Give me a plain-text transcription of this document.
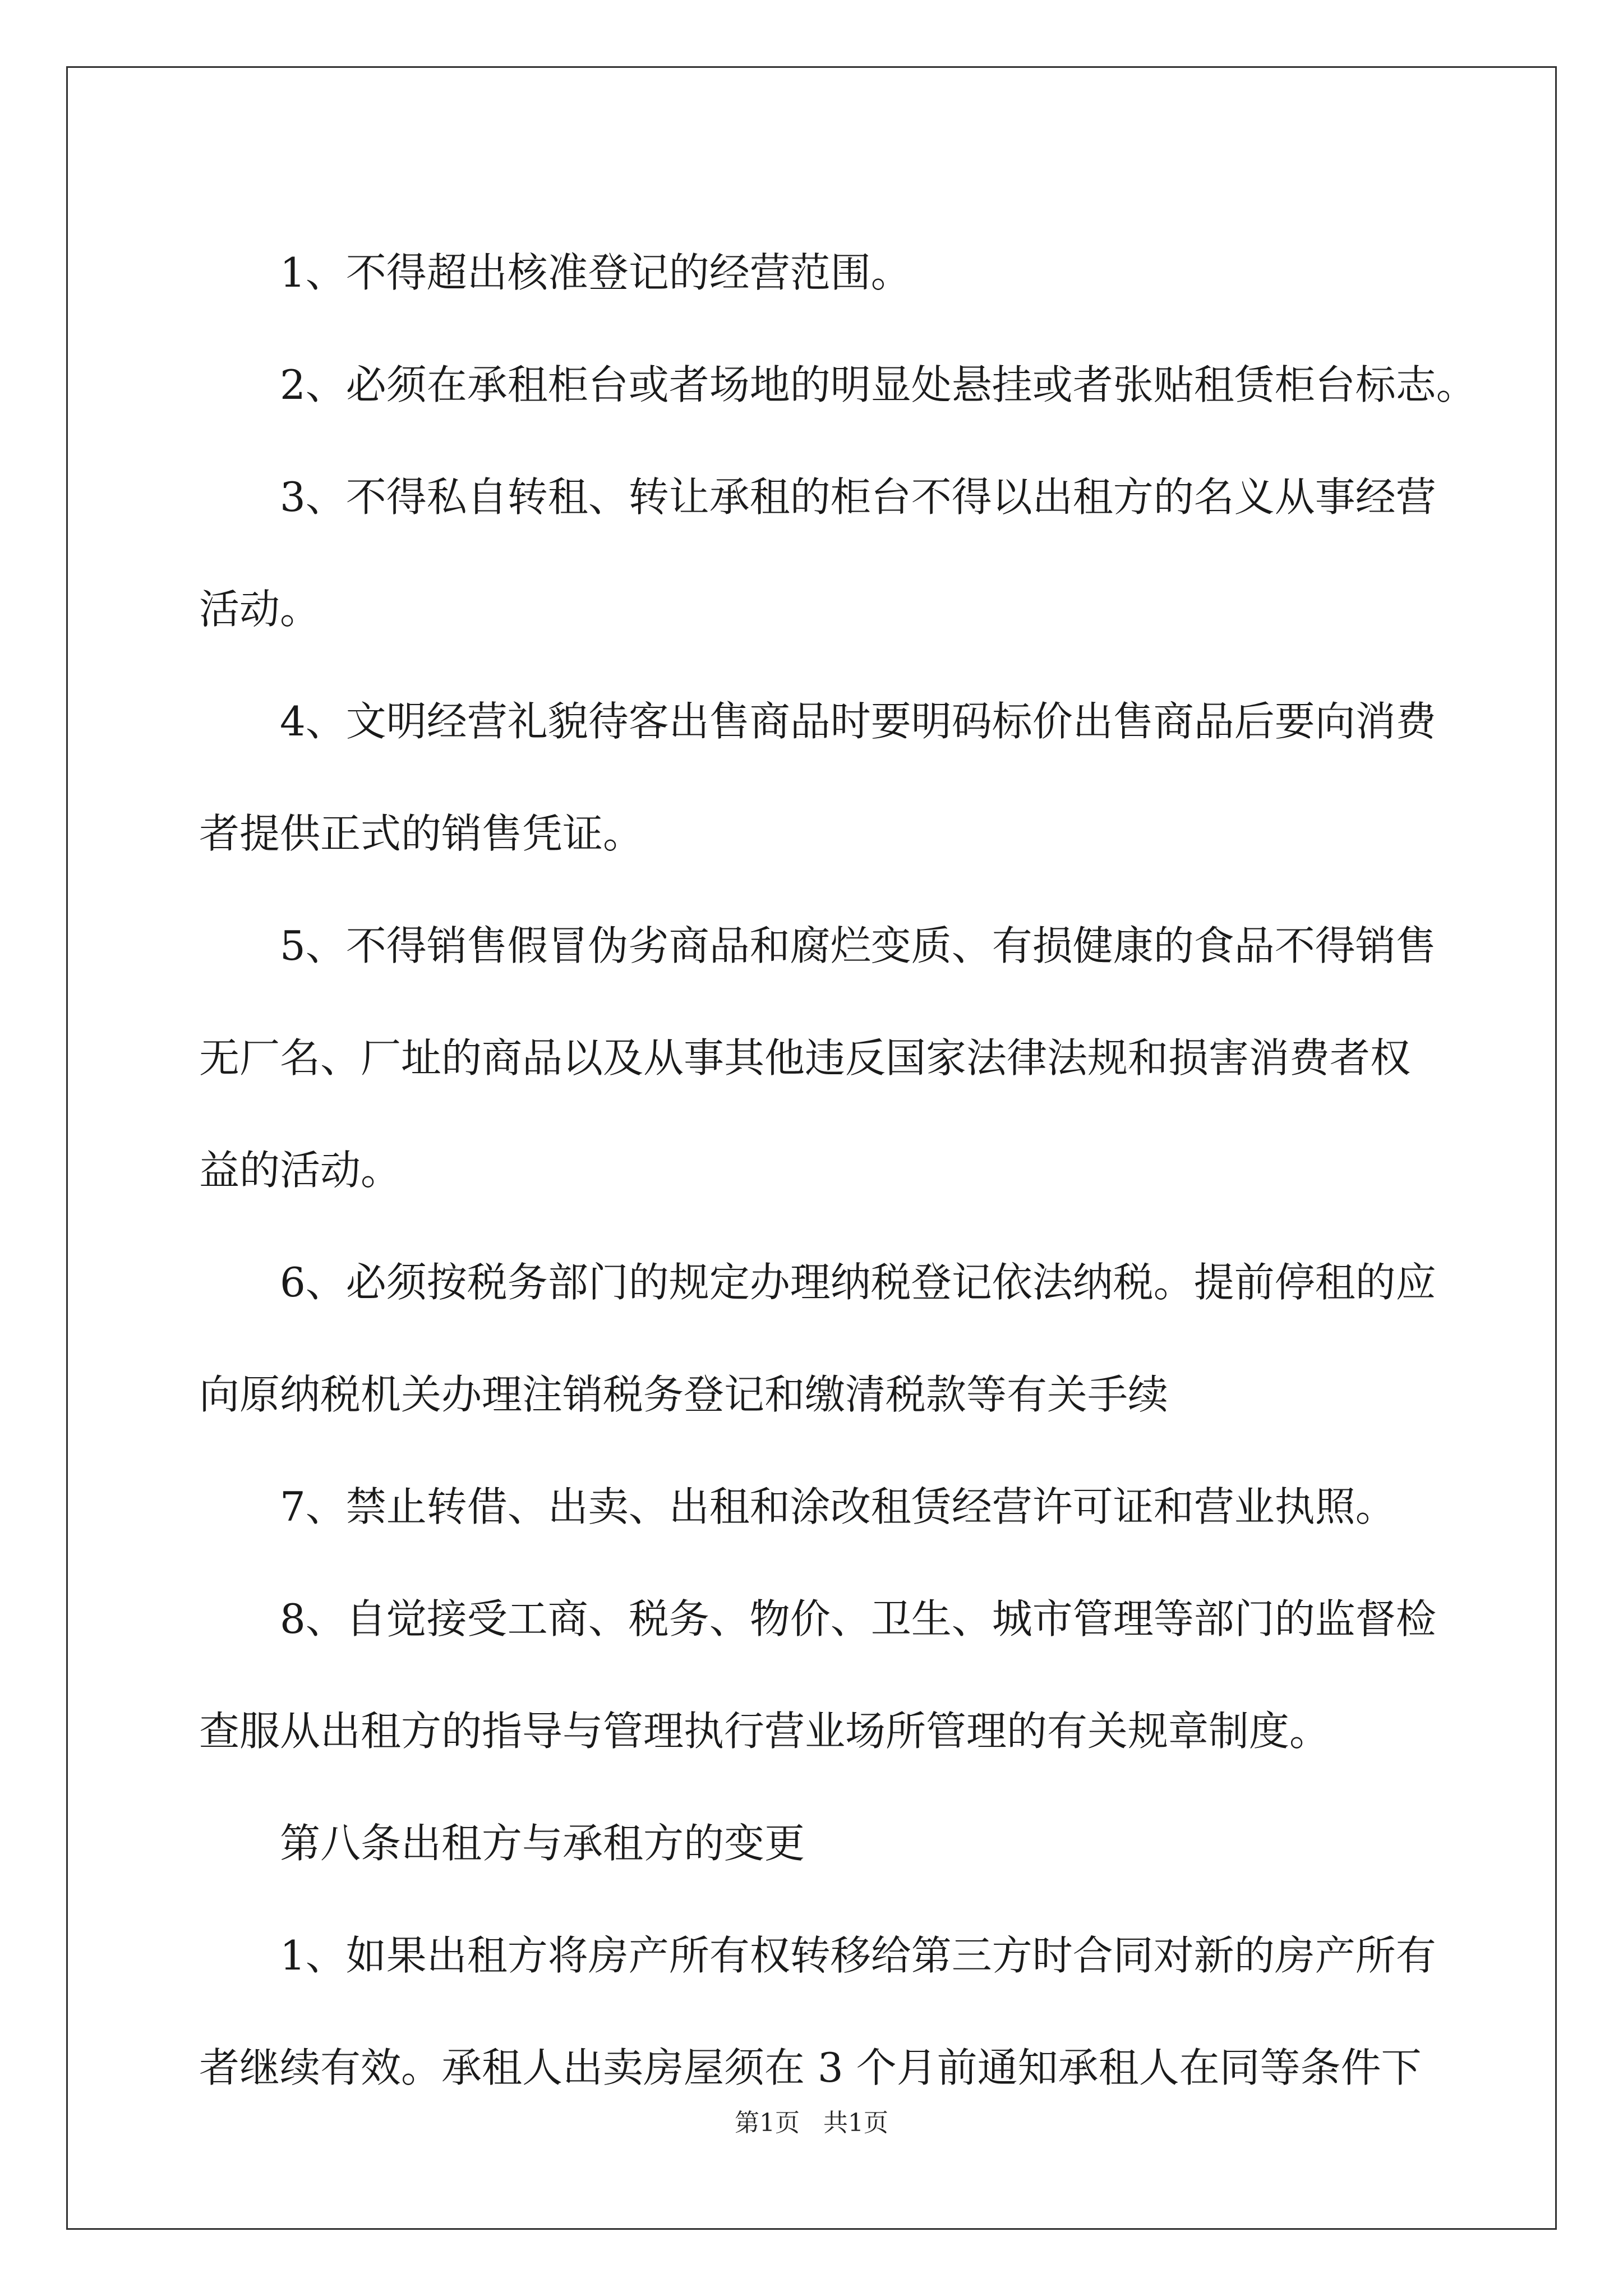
1、不得超出核准登记的经营范围。

2、必须在承租柜台或者场地的明显处悬挂或者张贴租赁柜台标志。

3、不得私自转租、转让承租的柜台不得以出租方的名义从事经营
活动。

4、文明经营礼貌待客出售商品时要明码标价出售商品后要向消费
者提供正式的销售凭证。

5、不得销售假冒伪劣商品和腐烂变质、有损健康的食品不得销售
无厂名、厂址的商品以及从事其他违反国家法律法规和损害消费者权
益的活动。

6、必须按税务部门的规定办理纳税登记依法纳税。提前停租的应
向原纳税机关办理注销税务登记和缴清税款等有关手续

7、禁止转借、出卖、出租和涂改租赁经营许可证和营业执照。

8、自觉接受工商、税务、物价、卫生、城市管理等部门的监督检
查服从出租方的指导与管理执行营业场所管理的有关规章制度。

第八条出租方与承租方的变更

1、如果出租方将房产所有权转移给第三方时合同对新的房产所有
者继续有效。承租人出卖房屋须在 3 个月前通知承租人在同等条件下

第1页   共1页
